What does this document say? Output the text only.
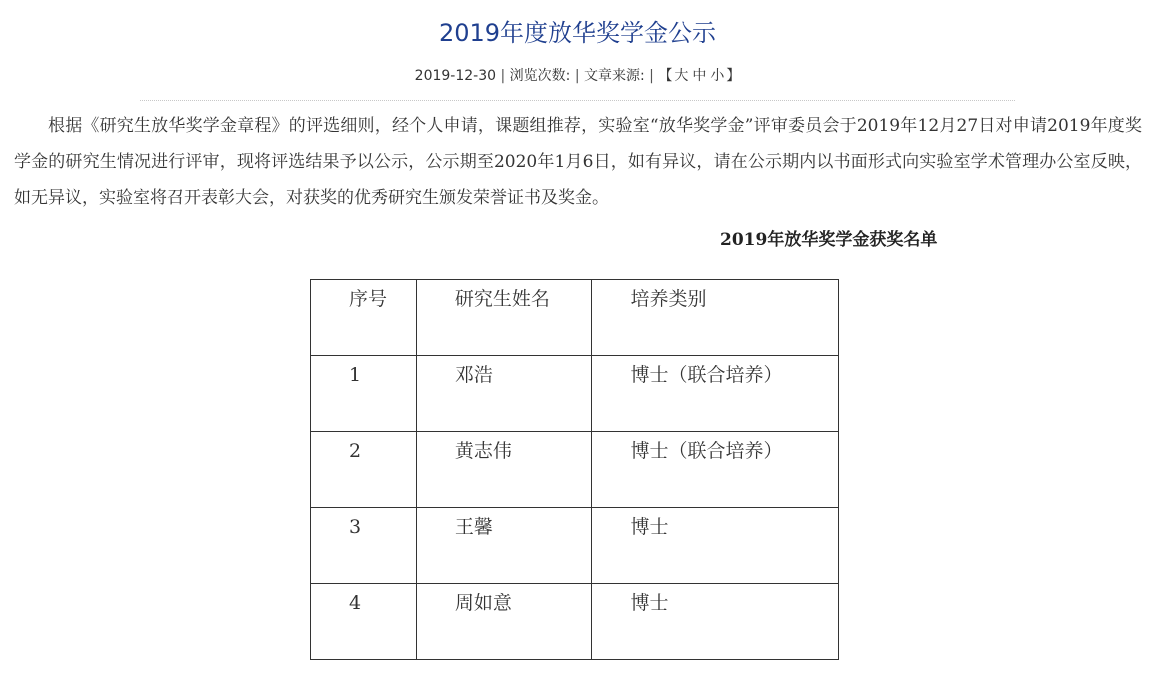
2019年度放华奖学金公示
2019-12-30 | 浏览次数: | 文章来源: | 【 大 中 小 】

根据《研究生放华奖学金章程》的评选细则，经个人申请，课题组推荐，实验室“放华奖学金”评审委员会于2019年12月27日对申请2019年度奖学金的研究生情况进行评审，现将评选结果予以公示，公示期至2020年1月6日，如有异议，请在公示期内以书面形式向实验室学术管理办公室反映，如无异议，实验室将召开表彰大会，对获奖的优秀研究生颁发荣誉证书及奖金。

2019年放华奖学金获奖名单
序号	研究生姓名	培养类别
1	邓浩	博士（联合培养）
2	黄志伟	博士（联合培养）
3	王馨	博士
4	周如意	博士
